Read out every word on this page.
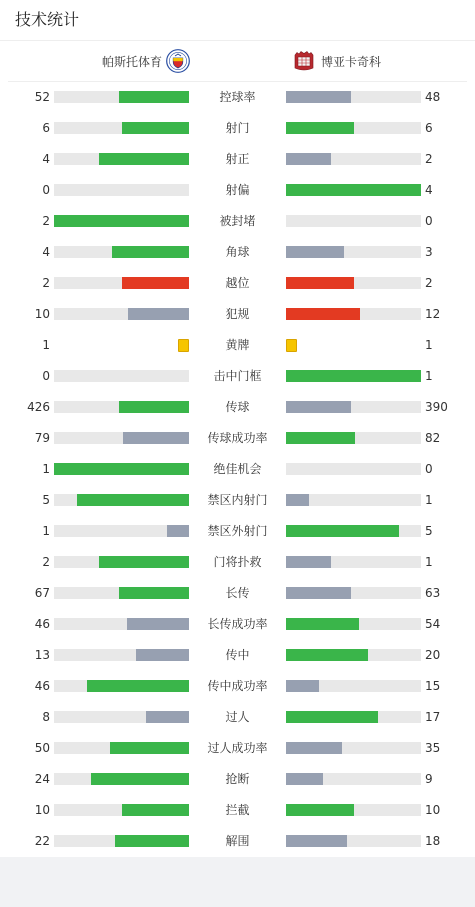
技术统计
帕斯托体育	博亚卡奇科
52	控球率	48
6	射门	6
4	射正	2
0	射偏	4
2	被封堵	0
4	角球	3
2	越位	2
10	犯规	12
1	黄牌	1
0	击中门框	1
426	传球	390
79	传球成功率	82
1	绝佳机会	0
5	禁区内射门	1
1	禁区外射门	5
2	门将扑救	1
67	长传	63
46	长传成功率	54
13	传中	20
46	传中成功率	15
8	过人	17
50	过人成功率	35
24	抢断	9
10	拦截	10
22	解围	18
